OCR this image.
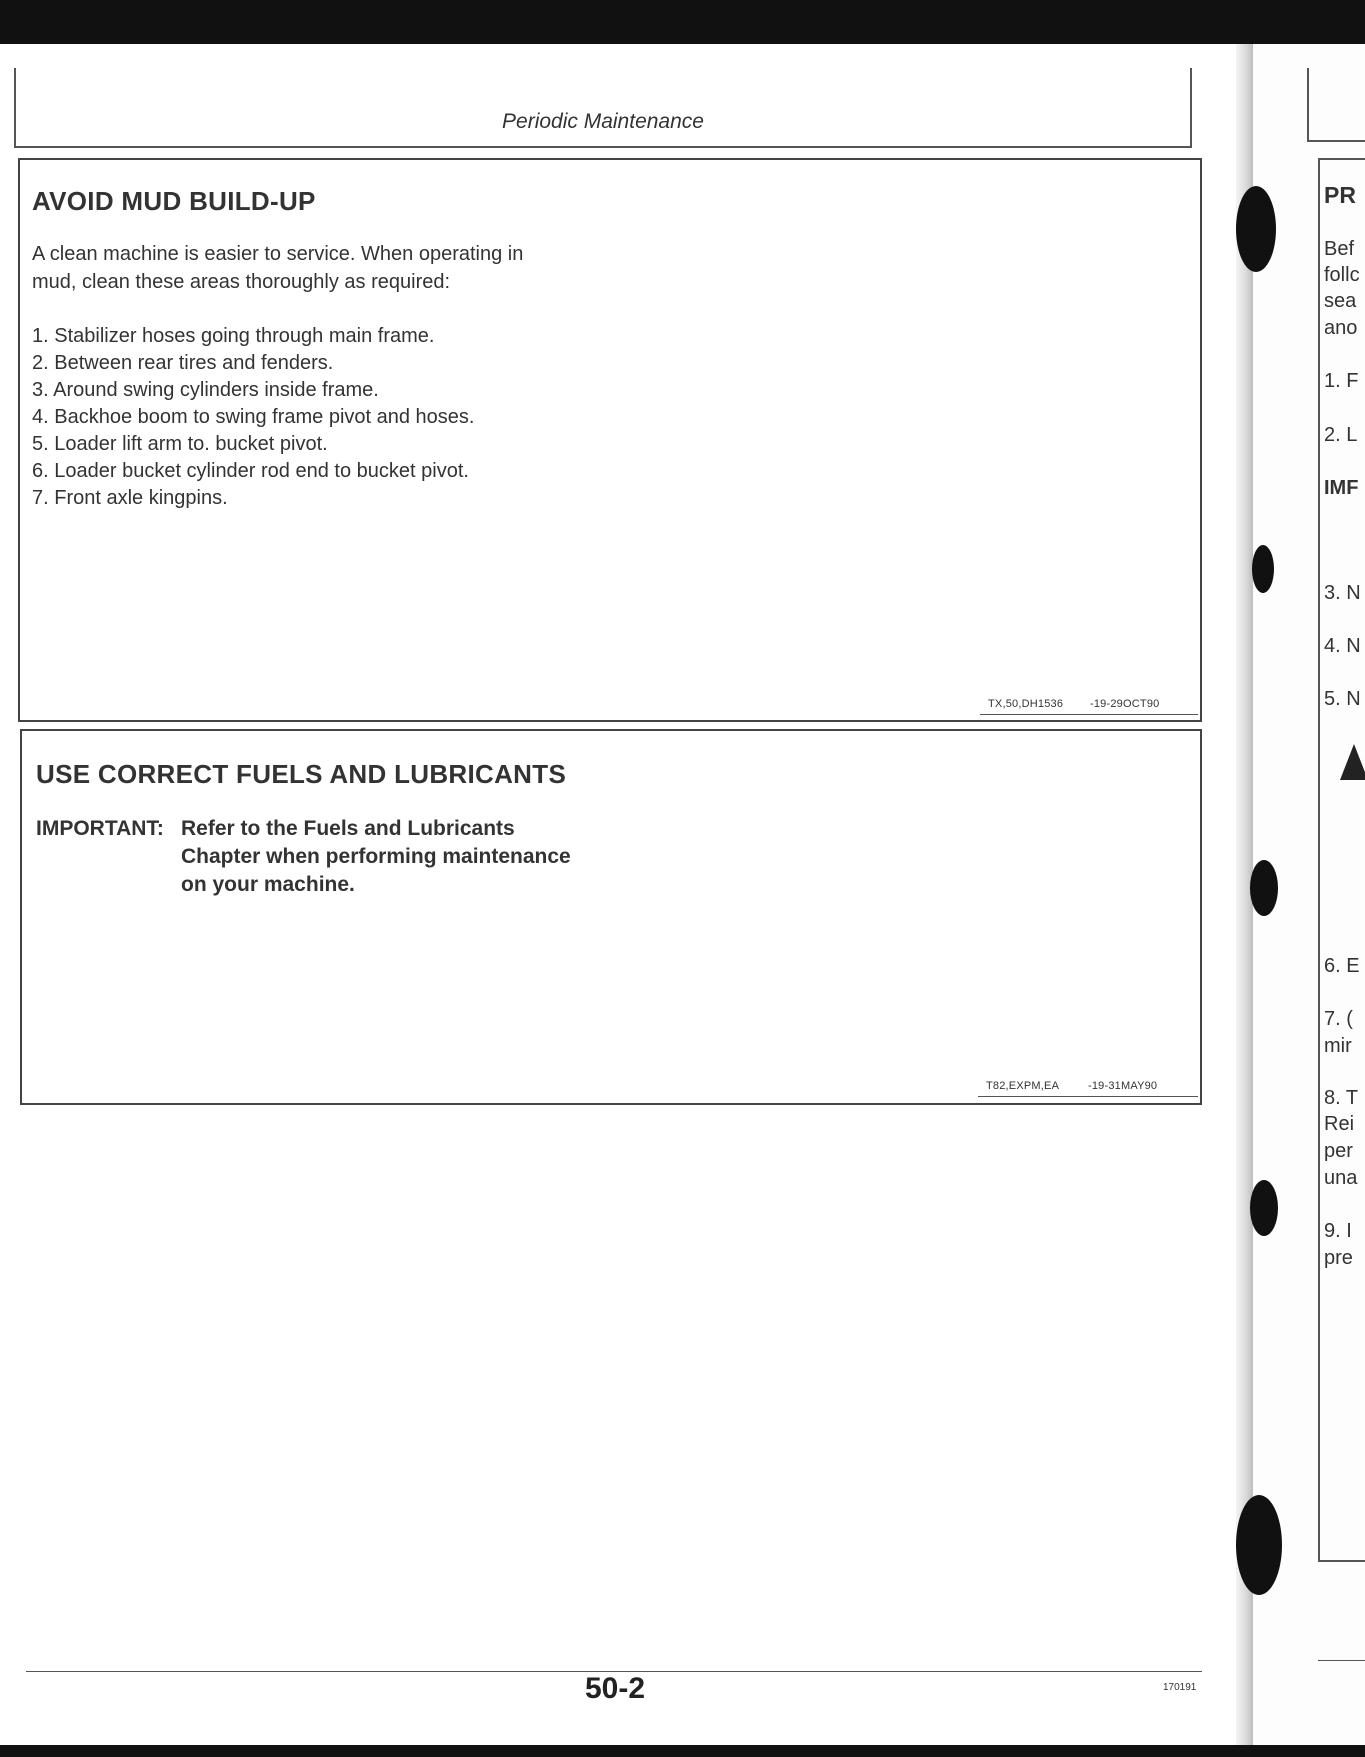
Periodic Maintenance
AVOID MUD BUILD-UP

A clean machine is easier to service. When operating in

mud, clean these areas thoroughly as required:

1. Stabilizer hoses going through main frame.
2. Between rear tires and fenders.
3. Around swing cylinders inside frame.
4. Backhoe boom to swing frame pivot and hoses.
5. Loader lift arm to. bucket pivot.
6. Loader bucket cylinder rod end to bucket pivot.
7. Front axle kingpins.
TX,50,DH1536 -19-29OCT90
USE CORRECT FUELS AND LUBRICANTS
IMPORTANT: Refer to the Fuels and Lubricants
Chapter when performing maintenance
on your machine.
T82,EXPM,EA	-19-31MAY90
50-2	170191
PR
Bef
follc
sea
ano
1. F
2. L
IMF
3. N
4. N
5. N
6. E
7. (
mir
8. T
Rei
per
una
9. I
pre
